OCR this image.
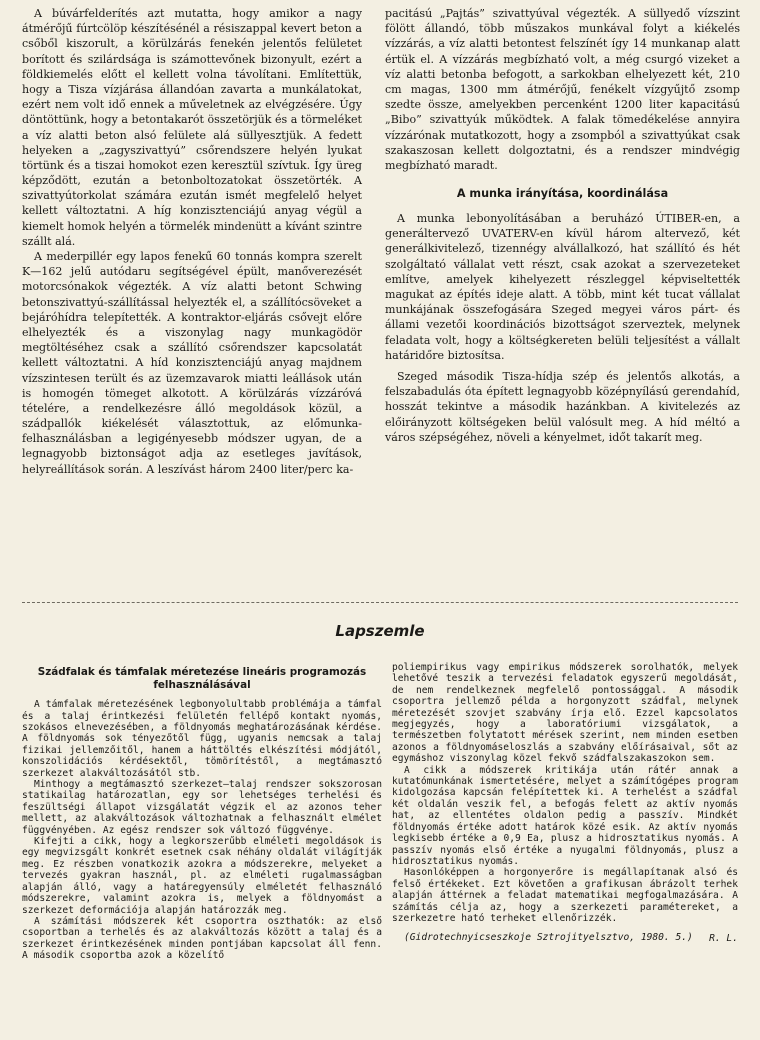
A búvárfelderítés azt mutatta, hogy amikor a nagy átmérőjű fúrtcölöp készítésénél a résiszappal kevert beton a csőből kiszorult, a körülzárás fenekén jelentős felületet borított és szilárdsága is számottevőnek bizonyult, ezért a földkiemelés előtt el kellett volna távolítani. Említettük, hogy a Tisza vízjárása állandóan zavarta a munkálatokat, ezért nem volt idő ennek a műveletnek az elvégzésére. Úgy döntöttünk, hogy a betontakarót összetörjük és a törmeléket a víz alatti beton alsó felülete alá süllyesztjük. A fedett helyeken a „zagyszivattyú” csőrendszere helyén lyukat törtünk és a tiszai homokot ezen keresztül szívtuk. Így üreg képződött, ezután a betonboltozatokat összetörték. A szivattyútorkolat számára ezután ismét megfelelő helyet kellett változtatni. A híg konzisztenciájú anyag végül a kiemelt homok helyén a törmelék mindenütt a kívánt szintre szállt alá.

A mederpillér egy lapos fenekű 60 tonnás kompra szerelt K—162 jelű autódaru segítségével épült, manőverezését motorcsónakok végezték. A víz alatti betont Schwing betonszivattyú-szállítással helyezték el, a szállítócsöveket a bejáróhídra telepítették. A kontraktor-eljárás csővejt előre elhelyezték és a viszonylag nagy munkagödör megtöltéséhez csak a szállító csőrendszer kapcsolatát kellett változtatni. A híd konzisztenciájú anyag majdnem vízszintesen terült és az üzemzavarok miatti leállások után is homogén tömeget alkotott. A körülzárás vízzáróvá tételére, a rendelkezésre álló megoldások közül, a szádpallók kiékelését választottuk, az előmunka-felhasználásban a legigényesebb módszer ugyan, de a legnagyobb biztonságot adja az esetleges javítások, helyreállítások során. A leszívást három 2400 liter/perc ka-

pacitású „Pajtás” szivattyúval végezték. A süllyedő vízszint fölött állandó, több műszakos munkával folyt a kiékelés vízzárás, a víz alatti betontest felszínét így 14 munkanap alatt értük el. A vízzárás megbízható volt, a még csurgó vizeket a víz alatti betonba befogott, a sarkokban elhelyezett két, 210 cm magas, 1300 mm átmérőjű, fenékelt vízgyűjtő zsomp szedte össze, amelyekben percenként 1200 liter kapacitású „Bibo” szivattyúk működtek. A falak tömedékelése annyira vízzárónak mutatkozott, hogy a zsompból a szivattyúkat csak szakaszosan kellett dolgoztatni, és a rendszer mindvégig megbízható maradt.

A munka irányítása, koordinálása

A munka lebonyolításában a beruházó ÚTIBER-en, a generáltervező UVATERV-en kívül három altervező, két generálkivitelező, tizennégy alvállalkozó, hat szállító és hét szolgáltató vállalat vett részt, csak azokat a szervezeteket említve, amelyek kihelyezett részleggel képviseltették magukat az építés ideje alatt. A több, mint két tucat vállalat munkájának összefogására Szeged megyei város párt- és állami vezetői koordinációs bizottságot szerveztek, melynek feladata volt, hogy a költségkereten belüli teljesítést a vállalt határidőre biztosítsa.

Szeged második Tisza-hídja szép és jelentős alkotás, a felszabadulás óta épített legnagyobb középnyílású gerendahíd, hosszát tekintve a második hazánkban. A kivitelezés az előirányzott költségeken belül valósult meg. A híd méltó a város szépségéhez, növeli a kényelmet, időt takarít meg.

Lapszemle
Szádfalak és támfalak méretezése lineáris programozás felhasználásával

A támfalak méretezésének legbonyolultabb problémája a támfal és a talaj érintkezési felületén fellépő kontakt nyomás, szokásos elnevezésében, a földnyomás meghatározásának kérdése. A földnyomás sok tényezőtől függ, ugyanis nemcsak a talaj fizikai jellemzőitől, hanem a háttöltés elkészítési módjától, konszolidációs kérdésektől, tömörítéstől, a megtámasztó szerkezet alakváltozásától stb.

Minthogy a megtámasztó szerkezet—talaj rendszer sokszorosan statikailag határozatlan, egy sor lehetséges terhelési és feszültségi állapot vizsgálatát végzik el az azonos teher mellett, az alakváltozások változhatnak a felhasznált elmélet függvényében. Az egész rendszer sok változó függvénye.

Kifejti a cikk, hogy a legkorszerűbb elméleti megoldások is egy megvizsgált konkrét esetnek csak néhány oldalát világítják meg. Ez részben vonatkozik azokra a módszerekre, melyeket a tervezés gyakran használ, pl. az elméleti rugalmasságban alapján álló, vagy a határegyensúly elméletét felhasználó módszerekre, valamint azokra is, melyek a földnyomást a szerkezet deformációja alapján határozzák meg.

A számítási módszerek két csoportra oszthatók: az első csoportban a terhelés és az alakváltozás között a talaj és a szerkezet érintkezésének minden pontjában kapcsolat áll fenn. A második csoportba azok a közelítő

poliempirikus vagy empirikus módszerek sorolhatók, melyek lehetővé teszik a tervezési feladatok egyszerű megoldását, de nem rendelkeznek megfelelő pontossággal. A második csoportra jellemző példa a horgonyzott szádfal, melynek méretezését szovjet szabvány írja elő. Ezzel kapcsolatos megjegyzés, hogy a laboratóriumi vizsgálatok, a természetben folytatott mérések szerint, nem minden esetben azonos a földnyomáseloszlás a szabvány előírásaival, sőt az egymáshoz viszonylag közel fekvő szádfalszakaszokon sem.

A cikk a módszerek kritikája után rátér annak a kutatómunkának ismertetésére, melyet a számítógépes program kidolgozása kapcsán felépítettek ki. A terhelést a szádfal két oldalán veszik fel, a befogás felett az aktív nyomás hat, az ellentétes oldalon pedig a passzív. Mindkét földnyomás értéke adott határok közé esik. Az aktív nyomás legkisebb értéke a 0,9 Ea, plusz a hidrosztatikus nyomás. A passzív nyomás első értéke a nyugalmi földnyomás, plusz a hidrosztatikus nyomás.

Hasonlóképpen a horgonyerőre is megállapítanak alsó és felső értékeket. Ezt követően a grafikusan ábrázolt terhek alapján áttérnek a feladat matematikai megfogalmazására. A számítás célja az, hogy a szerkezeti paramétereket, a szerkezetre ható terheket ellenőrizzék.

(Gidrotechnyicseszkoje Sztrojityelsztvo, 1980. 5.)	R. L.
